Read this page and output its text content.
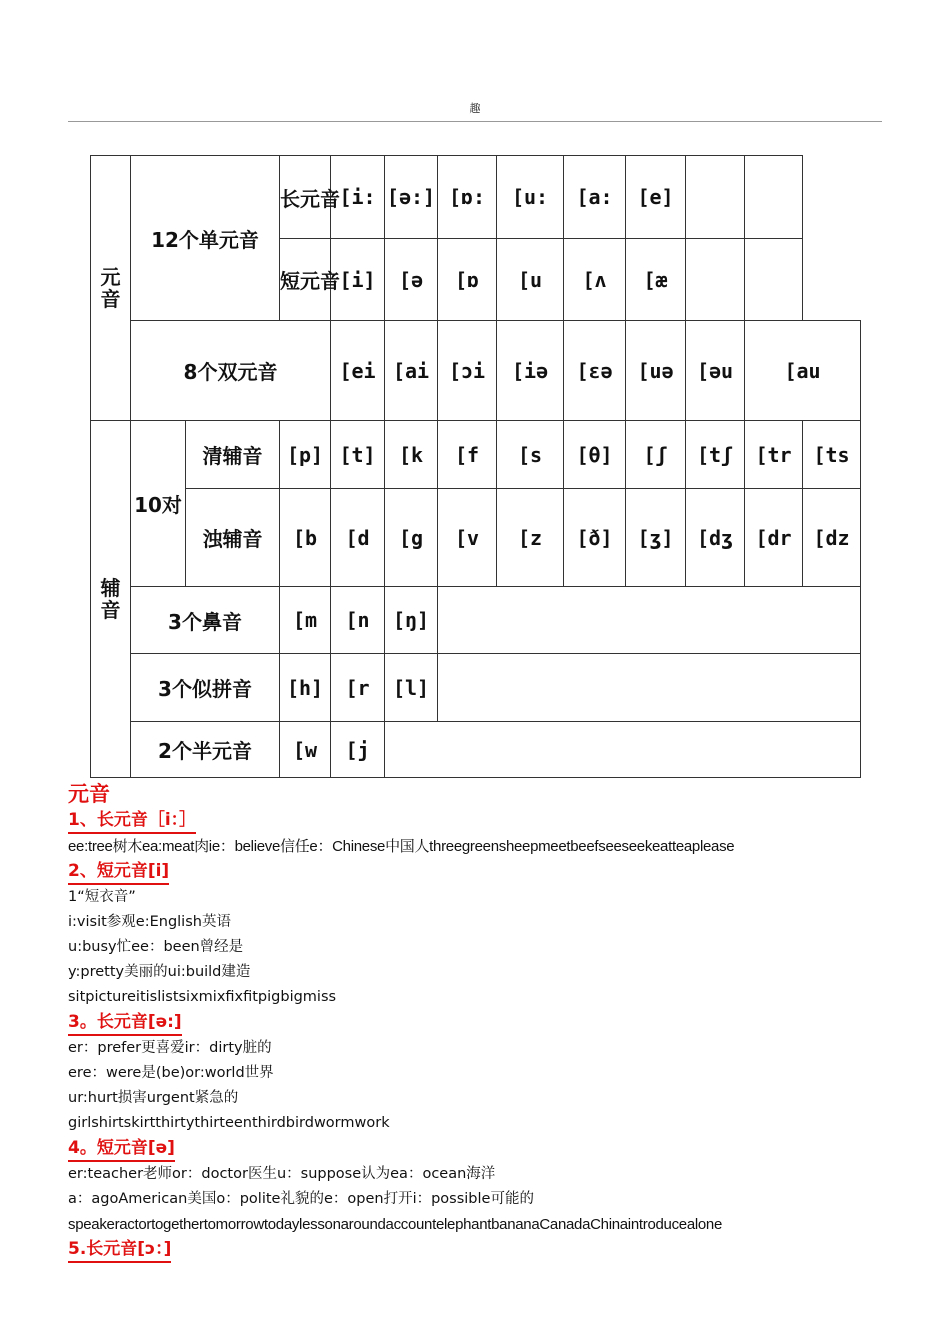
趣
元音	12个单元音		长元音	[i:	[ə:]	[ɒ:	[u:	[a:	[e]			
			短元音	[i]	[ə	[ɒ	[u	[ʌ	[æ			
	8个双元音			[ei	[ai	[ɔi	[iə	[ɛə	[uə	[əu	[au	
辅音	10对	清辅音	[p]	[t]	[k	[f	[s	[θ]	[ʃ	[tʃ	[tr	[ts
		浊辅音	[b	[d	[g	[v	[z	[ð]	[ʒ]	[dʒ	[dr	[dz
	3个鼻音		[m	[n	[ŋ]							
	3个似拼音		[h]	[r	[l]							
	2个半元音		[w	[j								
元音
1、长元音［i：］
ee:tree树木ea:meat肉ie：believe信任e：Chinese中国人threegreensheepmeetbeefseeseekeatteaplease
2、短元音[i]
1“短衣音”
i:visit参观e:English英语
u:busy忙ee：been曾经是
y:pretty美丽的ui:build建造
sitpictureitislistsixmixfixfitpigbigmiss
3。长元音[ə:]
er：prefer更喜爱ir：dirty脏的
ere：were是(be)or:world世界
ur:hurt损害urgent紧急的
girlshirtskirtthirtythirteenthirdbirdwormwork
4。短元音[ə]
er:teacher老师or：doctor医生u：suppose认为ea：ocean海洋
a：agoAmerican美国o：polite礼貌的e：open打开i：possible可能的
speakeractortogethertomorrowtodaylessonaroundaccountelephantbananaCanadaChinaintroducealone
5.长元音[ɔ：]
